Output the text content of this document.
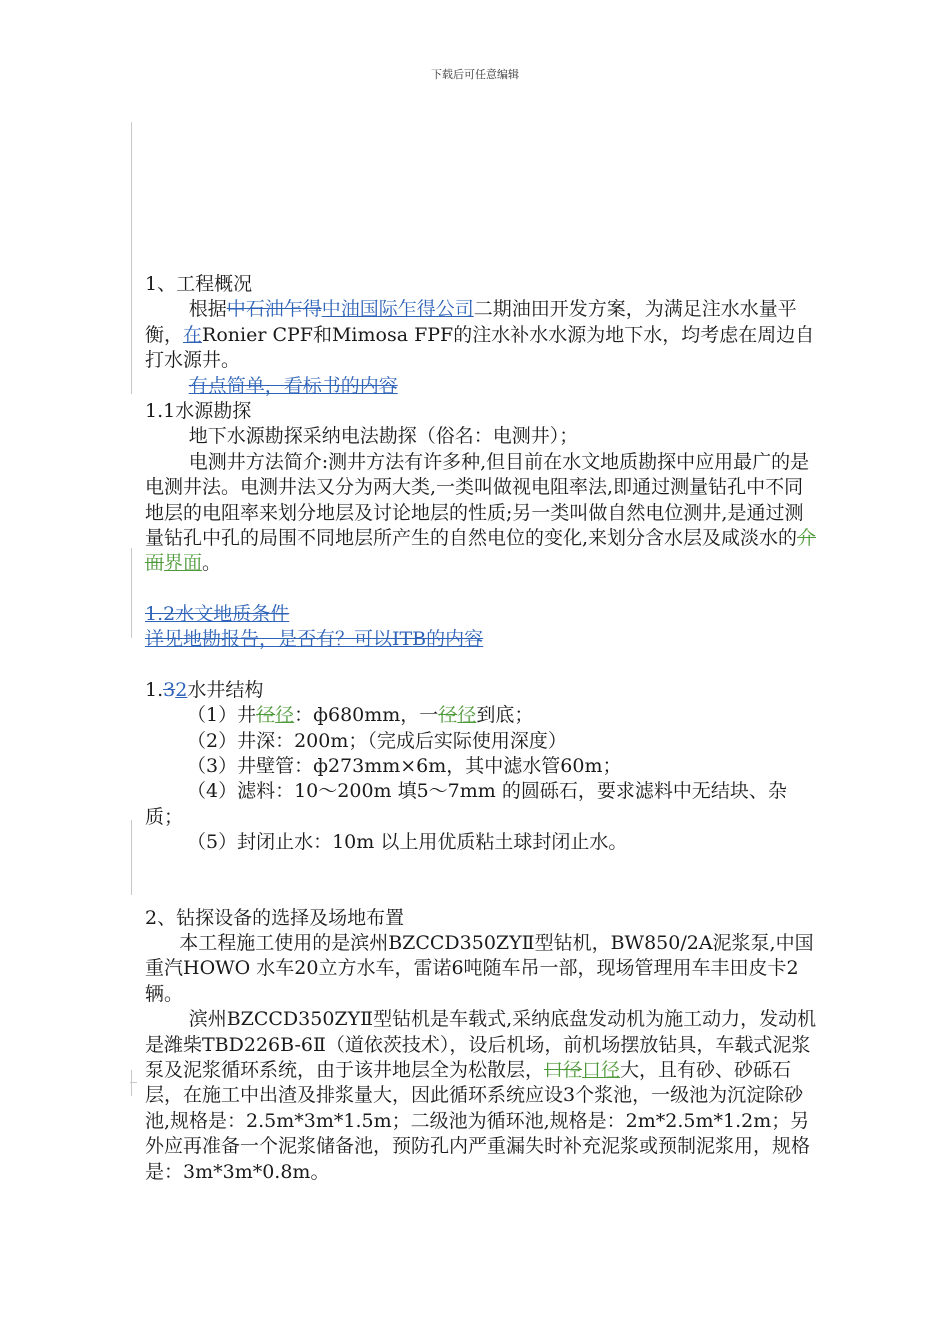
下载后可任意编辑

1、工程概况

根据中石油乍得中油国际乍得公司二期油田开发方案，为满足注水水量平衡，在Ronier CPF和Mimosa FPF的注水补水水源为地下水，均考虑在周边自打水源井。

有点简单，看标书的内容

1.1水源勘探

地下水源勘探采纳电法勘探（俗名：电测井）；

电测井方法简介:测井方法有许多种,但目前在水文地质勘探中应用最广的是电测井法。电测井法又分为两大类,一类叫做视电阻率法,即通过测量钻孔中不同地层的电阻率来划分地层及讨论地层的性质;另一类叫做自然电位测井,是通过测量钻孔中孔的局围不同地层所产生的自然电位的变化,来划分含水层及咸淡水的介面界面。

1.2水文地质条件

详见地勘报告，是否有？可以ITB的内容

1.32水井结构

（1）井径径：ф680mm，一径径到底；

（2）井深：200m；（完成后实际使用深度）

（3）井壁管：ф273mm×6m，其中滤水管60m；

（4）滤料：10～200m 填5～7mm 的圆砾石，要求滤料中无结块、杂质；

（5）封闭止水：10m 以上用优质粘土球封闭止水。

2、钻探设备的选择及场地布置

本工程施工使用的是滨州BZCCD350ZYⅡ型钻机，BW850/2A泥浆泵,中国重汽HOWO 水车20立方水车，雷诺6吨随车吊一部，现场管理用车丰田皮卡2辆。

滨州BZCCD350ZYⅡ型钻机是车载式,采纳底盘发动机为施工动力，发动机是潍柴TBD226B-6Ⅱ（道依茨技术），设后机场，前机场摆放钻具，车载式泥浆泵及泥浆循环系统，由于该井地层全为松散层，口径口径大，且有砂、砂砾石层，在施工中出渣及排浆量大，因此循环系统应设3个浆池，一级池为沉淀除砂池,规格是：2.5m*3m*1.5m；二级池为循环池,规格是：2m*2.5m*1.2m；另外应再准备一个泥浆储备池，预防孔内严重漏失时补充泥浆或预制泥浆用，规格是：3m*3m*0.8m。
